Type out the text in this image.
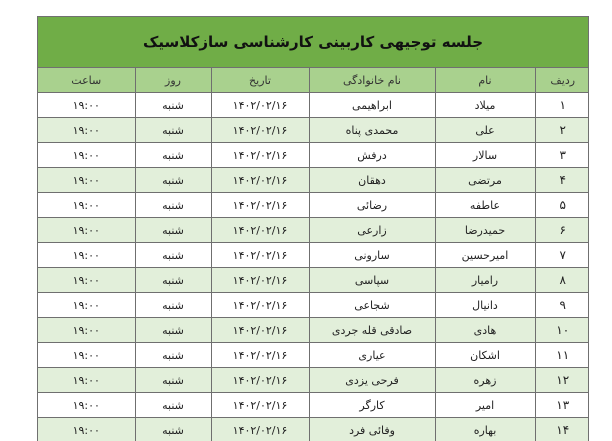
جلسه توجیهی کاربینی کارشناسی سازکلاسیک
ردیف	نام	نام خانوادگی	تاریخ	روز	ساعت
۱	میلاد	ابراهیمی	۱۴۰۲/۰۲/۱۶	شنبه	۱۹:۰۰
۲	علی	محمدی پناه	۱۴۰۲/۰۲/۱۶	شنبه	۱۹:۰۰
۳	سالار	درفش	۱۴۰۲/۰۲/۱۶	شنبه	۱۹:۰۰
۴	مرتضی	دهقان	۱۴۰۲/۰۲/۱۶	شنبه	۱۹:۰۰
۵	عاطفه	رضائی	۱۴۰۲/۰۲/۱۶	شنبه	۱۹:۰۰
۶	حمیدرضا	زارعی	۱۴۰۲/۰۲/۱۶	شنبه	۱۹:۰۰
۷	امیرحسین	سارونی	۱۴۰۲/۰۲/۱۶	شنبه	۱۹:۰۰
۸	رامیار	سپاسی	۱۴۰۲/۰۲/۱۶	شنبه	۱۹:۰۰
۹	دانیال	شجاعی	۱۴۰۲/۰۲/۱۶	شنبه	۱۹:۰۰
۱۰	هادی	صادقی قله جردی	۱۴۰۲/۰۲/۱۶	شنبه	۱۹:۰۰
۱۱	اشکان	عیاری	۱۴۰۲/۰۲/۱۶	شنبه	۱۹:۰۰
۱۲	زهره	فرحی یزدی	۱۴۰۲/۰۲/۱۶	شنبه	۱۹:۰۰
۱۳	امیر	کارگر	۱۴۰۲/۰۲/۱۶	شنبه	۱۹:۰۰
۱۴	بهاره	وفائی فرد	۱۴۰۲/۰۲/۱۶	شنبه	۱۹:۰۰
